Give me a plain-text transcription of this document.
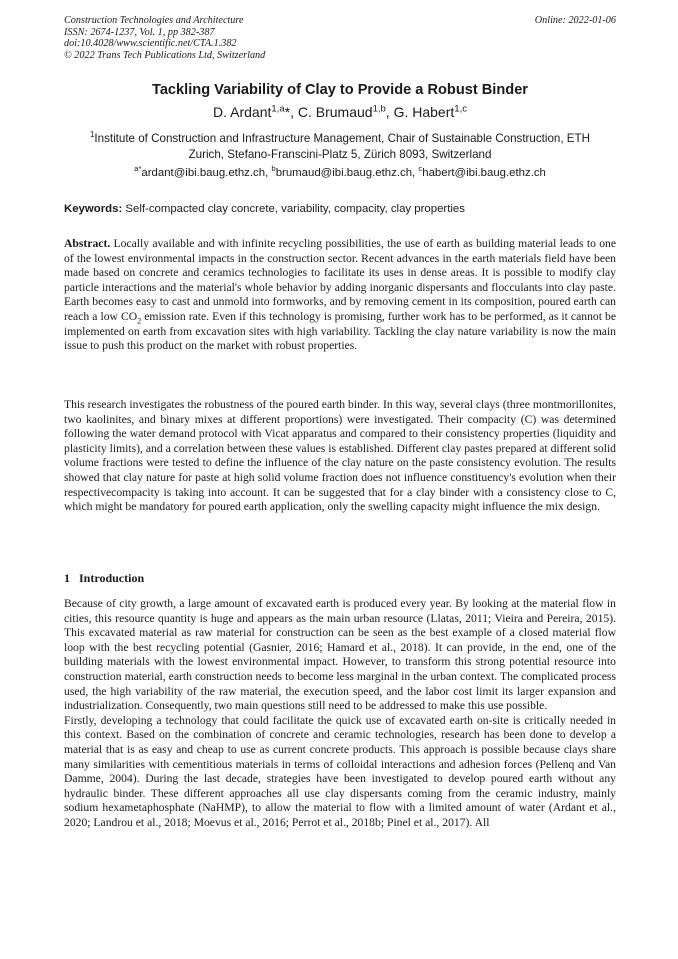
Construction Technologies and Architecture
ISSN: 2674-1237, Vol. 1, pp 382-387
doi:10.4028/www.scientific.net/CTA.1.382
© 2022 Trans Tech Publications Ltd, Switzerland
Online: 2022-01-06
Tackling Variability of Clay to Provide a Robust Binder
D. Ardant$^{1,a}$*, C. Brumaud$^{1,b}$, G. Habert$^{1,c}$
$^1$Institute of Construction and Infrastructure Management, Chair of Sustainable Construction, ETH
Zurich, Stefano-Franscini-Platz 5, Zürich 8093, Switzerland
$^{a*}$ardant@ibi.baug.ethz.ch, $^b$brumaud@ibi.baug.ethz.ch, $^c$habert@ibi.baug.ethz.ch
Keywords: Self-compacted clay concrete, variability, compacity, clay properties
Abstract. Locally available and with infinite recycling possibilities, the use of earth as building material leads to one of the lowest environmental impacts in the construction sector. Recent advances in the earth materials field have been made based on concrete and ceramics technologies to facilitate its uses in dense areas. It is possible to modify clay particle interactions and the material's whole behavior by adding inorganic dispersants and flocculants into clay paste. Earth becomes easy to cast and unmold into formworks, and by removing cement in its composition, poured earth can reach a low $CO_2$ emission rate. Even if this technology is promising, further work has to be performed, as it cannot be implemented on earth from excavation sites with high variability. Tackling the clay nature variability is now the main issue to push this product on the market with robust properties.
This research investigates the robustness of the poured earth binder. In this way, several clays (three montmorillonites, two kaolinites, and binary mixes at different proportions) were investigated. Their compacity (C) was determined following the water demand protocol with Vicat apparatus and compared to their consistency properties (liquidity and plasticity limits), and a correlation between these values is established. Different clay pastes prepared at different solid volume fractions were tested to define the influence of the clay nature on the paste consistency evolution. The results showed that clay nature for paste at high solid volume fraction does not influence constituency's evolution when their respectivecompacity is taking into account. It can be suggested that for a clay binder with a consistency close to C, which might be mandatory for poured earth application, only the swelling capacity might influence the mix design.
1 Introduction

Because of city growth, a large amount of excavated earth is produced every year. By looking at the material flow in cities, this resource quantity is huge and appears as the main urban resource (Llatas, 2011; Vieira and Pereira, 2015). This excavated material as raw material for construction can be seen as the best example of a closed material flow loop with the best recycling potential (Gasnier, 2016; Hamard et al., 2018). It can provide, in the end, one of the building materials with the lowest environmental impact. However, to transform this strong potential resource into construction material, earth construction needs to become less marginal in the urban context. The complicated process used, the high variability of the raw material, the execution speed, and the labor cost limit its larger expansion and industrialization. Consequently, two main questions still need to be addressed to make this use possible.

Firstly, developing a technology that could facilitate the quick use of excavated earth on-site is critically needed in this context. Based on the combination of concrete and ceramic technologies, research has been done to develop a material that is as easy and cheap to use as current concrete products. This approach is possible because clays share many similarities with cementitious materials in terms of colloidal interactions and adhesion forces (Pellenq and Van Damme, 2004). During the last decade, strategies have been investigated to develop poured earth without any hydraulic binder. These different approaches all use clay dispersants coming from the ceramic industry, mainly sodium hexametaphosphate (NaHMP), to allow the material to flow with a limited amount of water (Ardant et al., 2020; Landrou et al., 2018; Moevus et al., 2016; Perrot et al., 2018b; Pinel et al., 2017). All
